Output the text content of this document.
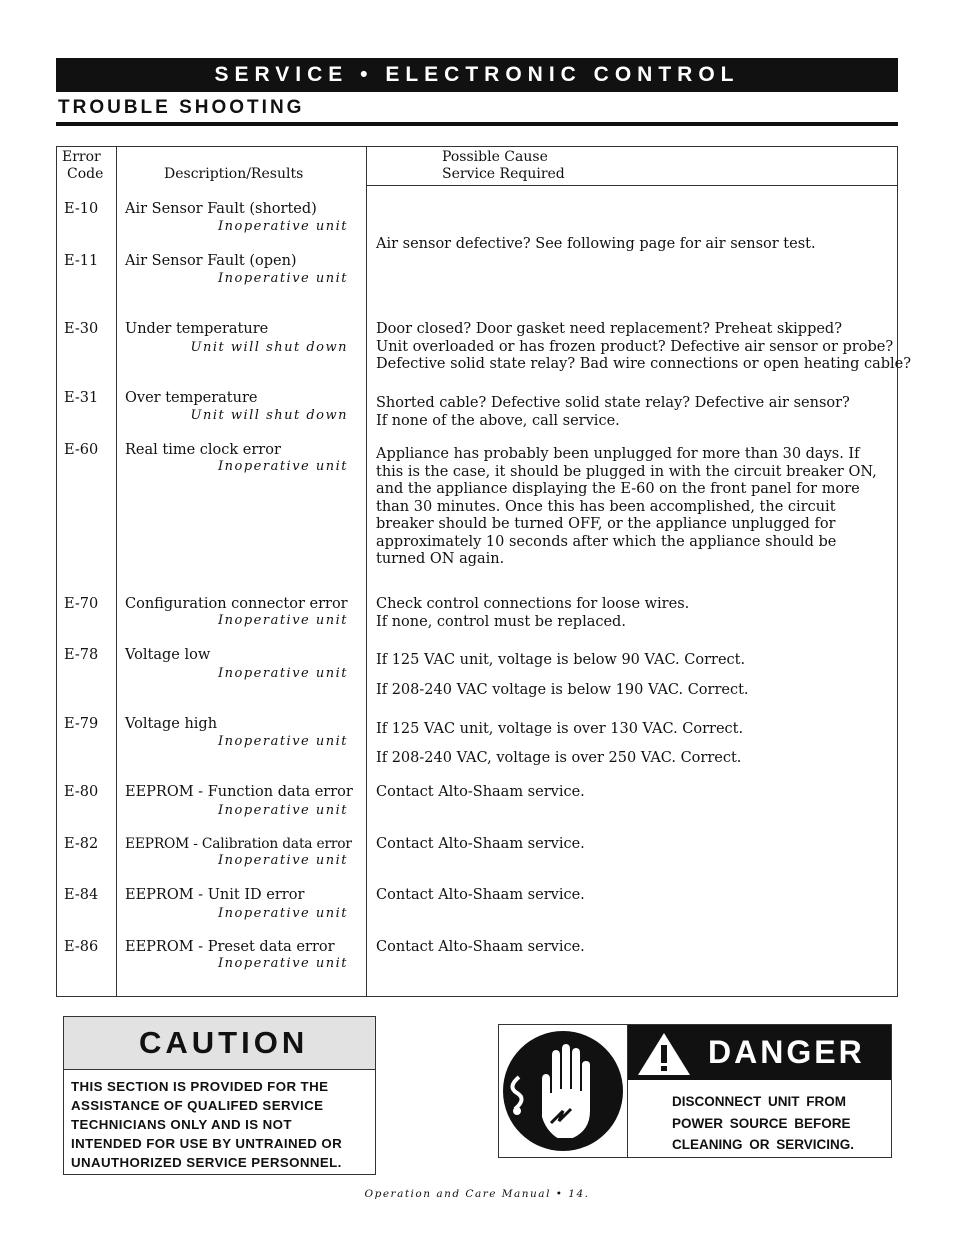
SERVICE • ELECTRONIC CONTROL
TROUBLE SHOOTING
Error
Code	Description/Results
Possible Cause
Service Required
E-10 Air Sensor Fault (shorted)
Inoperative unit
E-11 Air Sensor Fault (open)
Inoperative unit
E-30 Under temperature
Unit will shut down
E-31 Over temperature
Unit will shut down
E-60 Real time clock error
Inoperative unit
E-70 Configuration connector error
Inoperative unit
E-78 Voltage low
Inoperative unit
E-79 Voltage high
Inoperative unit
E-80 EEPROM - Function data error
Inoperative unit
E-82 EEPROM - Calibration data error
Inoperative unit
E-84 EEPROM - Unit ID error
Inoperative unit
E-86 EEPROM - Preset data error
Inoperative unit
Air sensor defective? See following page for air sensor test.
Door closed? Door gasket need replacement? Preheat skipped?
Unit overloaded or has frozen product? Defective air sensor or probe?
Defective solid state relay? Bad wire connections or open heating cable?
Shorted cable? Defective solid state relay? Defective air sensor?
If none of the above, call service.
Appliance has probably been unplugged for more than 30 days. If
this is the case, it should be plugged in with the circuit breaker ON,
and the appliance displaying the E-60 on the front panel for more
than 30 minutes. Once this has been accomplished, the circuit
breaker should be turned OFF, or the appliance unplugged for
approximately 10 seconds after which the appliance should be
turned ON again.
Check control connections for loose wires.
If none, control must be replaced.
If 125 VAC unit, voltage is below 90 VAC. Correct.
If 208-240 VAC voltage is below 190 VAC. Correct.
If 125 VAC unit, voltage is over 130 VAC. Correct.
If 208-240 VAC, voltage is over 250 VAC. Correct.
Contact Alto-Shaam service.
Contact Alto-Shaam service.
Contact Alto-Shaam service.
Contact Alto-Shaam service.
CAUTION
THIS SECTION IS PROVIDED FOR THE
ASSISTANCE OF QUALIFED SERVICE
TECHNICIANS ONLY AND IS NOT
INTENDED FOR USE BY UNTRAINED OR
UNAUTHORIZED SERVICE PERSONNEL.
DANGER
DISCONNECT UNIT FROM
POWER SOURCE BEFORE
CLEANING OR SERVICING.
Operation and Care Manual • 14.
